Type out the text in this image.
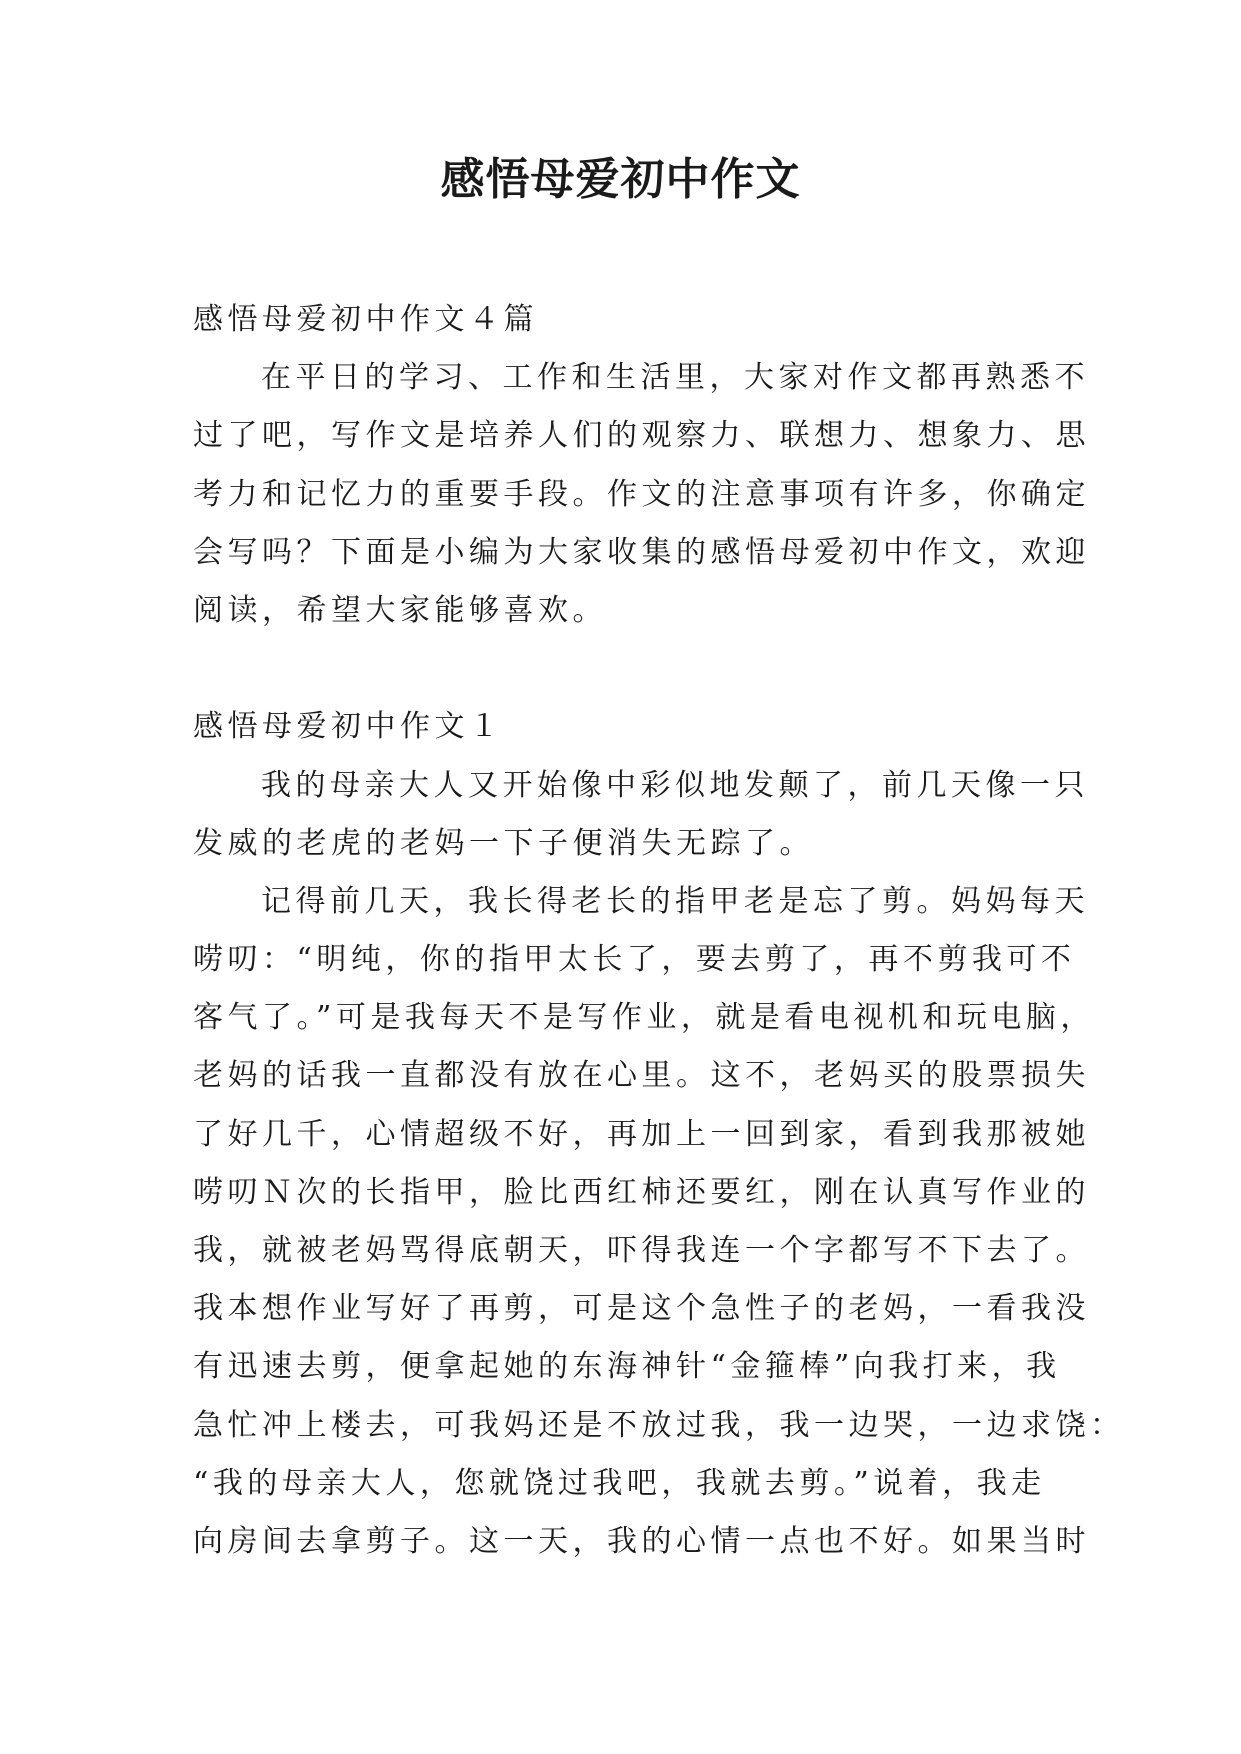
感悟母爱初中作文
感悟母爱初中作文４篇
在平日的学习、工作和生活里，大家对作文都再熟悉不
过了吧，写作文是培养人们的观察力、联想力、想象力、思
考力和记忆力的重要手段。作文的注意事项有许多，你确定
会写吗？下面是小编为大家收集的感悟母爱初中作文，欢迎
阅读，希望大家能够喜欢。
感悟母爱初中作文１
我的母亲大人又开始像中彩似地发颠了，前几天像一只
发威的老虎的老妈一下子便消失无踪了。
记得前几天，我长得老长的指甲老是忘了剪。妈妈每天
唠叨：“明纯，你的指甲太长了，要去剪了，再不剪我可不
客气了。”可是我每天不是写作业，就是看电视机和玩电脑，
老妈的话我一直都没有放在心里。这不，老妈买的股票损失
了好几千，心情超级不好，再加上一回到家，看到我那被她
唠叨Ｎ次的长指甲，脸比西红柿还要红，刚在认真写作业的
我，就被老妈骂得底朝天，吓得我连一个字都写不下去了。
我本想作业写好了再剪，可是这个急性子的老妈，一看我没
有迅速去剪，便拿起她的东海神针“金箍棒”向我打来，我
急忙冲上楼去，可我妈还是不放过我，我一边哭，一边求饶：
“我的母亲大人，您就饶过我吧，我就去剪。”说着，我走
向房间去拿剪子。这一天，我的心情一点也不好。如果当时
